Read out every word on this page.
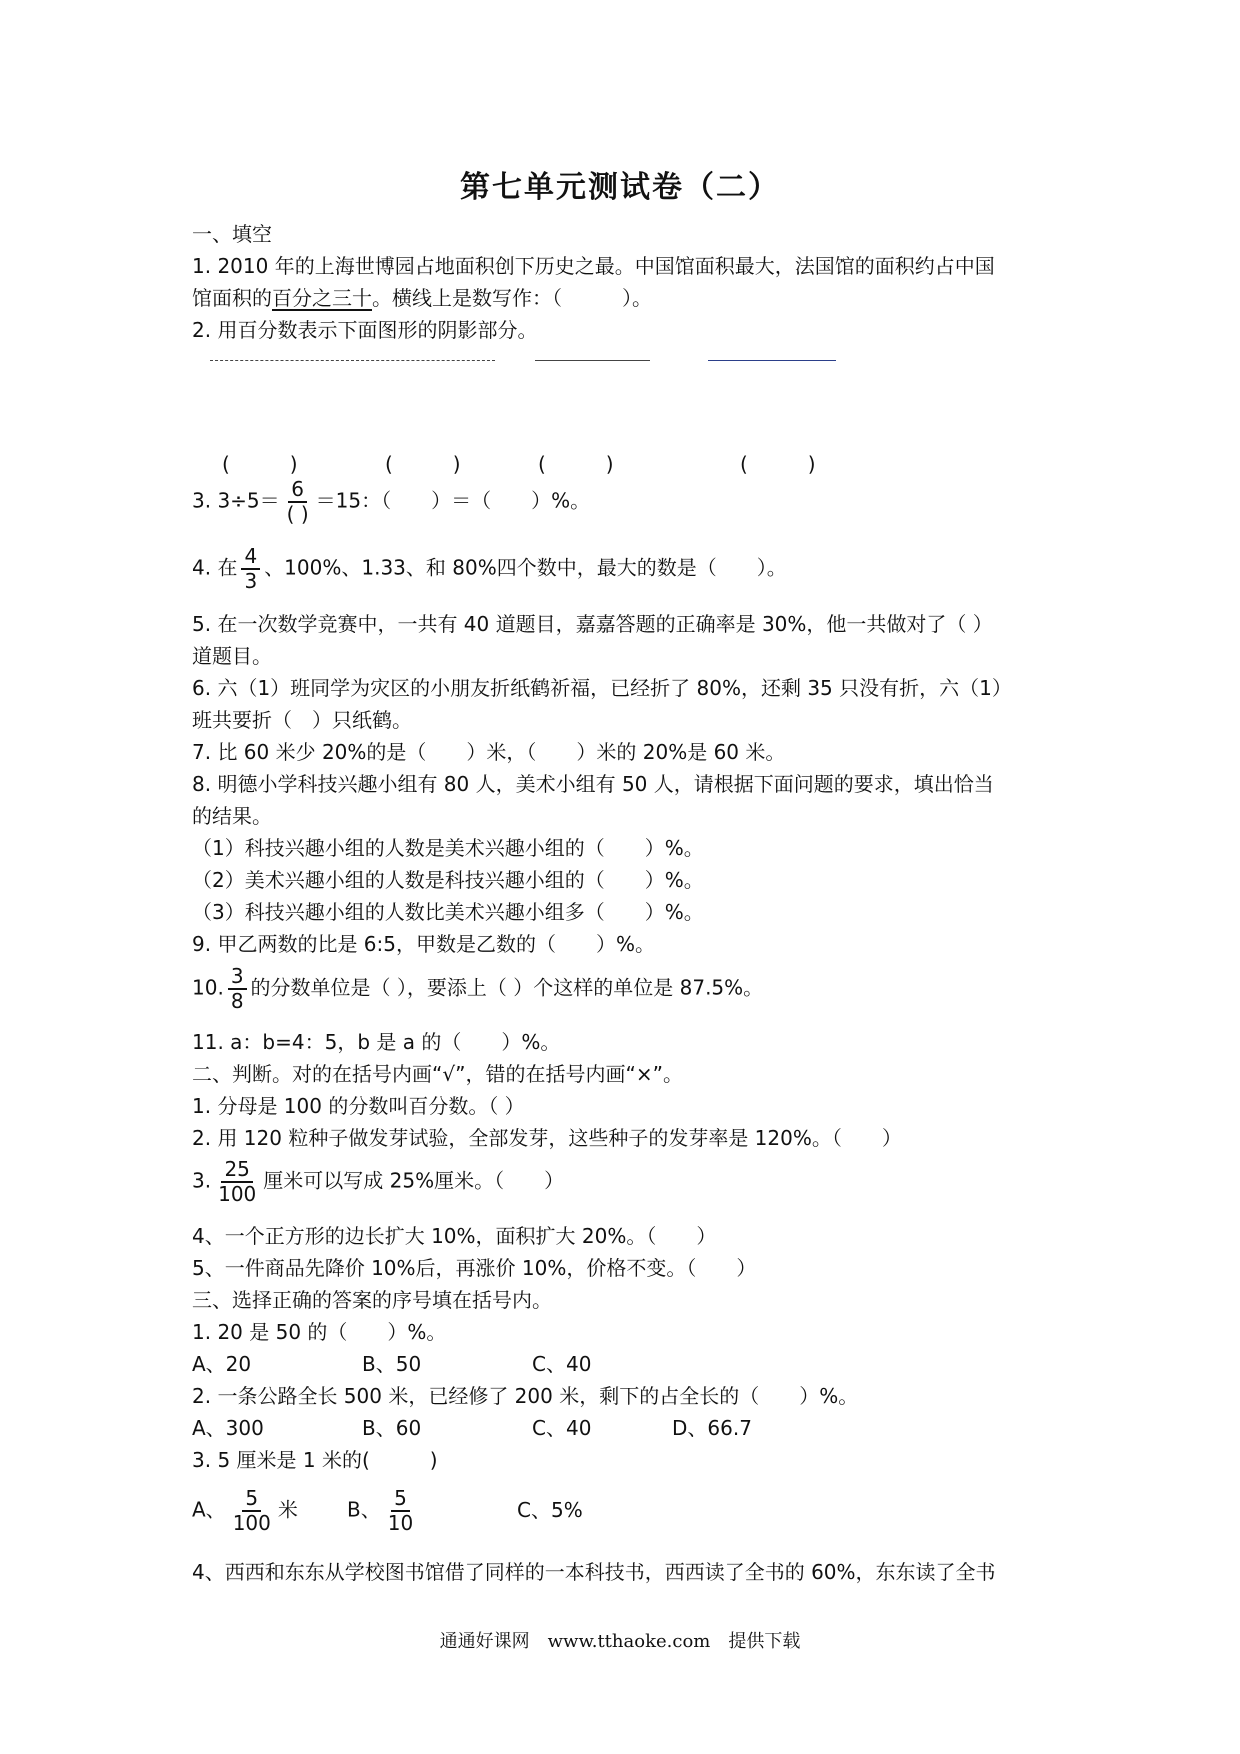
第七单元测试卷（二）
一、填空
1. 2010 年的上海世博园占地面积创下历史之最。中国馆面积最大，法国馆的面积约占中国
馆面积的百分之三十。横线上是数写作：（　　　）。
2. 用百分数表示下面图形的阴影部分。
(　　　)	(　　　)	(　　　)	(　　　)
3. $3\div 5= \frac{6}{( )} =15$：（　　）＝（　　）%。
4. 在 $\frac{4}{3}$ 、100%、1.33、和 80%四个数中，最大的数是（　　）。
5. 在一次数学竞赛中，一共有 40 道题目，嘉嘉答题的正确率是 30%，他一共做对了（ ）
道题目。
6. 六（1）班同学为灾区的小朋友折纸鹤祈福，已经折了 80%，还剩 35 只没有折，六（1）
班共要折（　）只纸鹤。
7. 比 60 米少 20%的是（　　）米，（　　）米的 20%是 60 米。
8. 明德小学科技兴趣小组有 80 人，美术小组有 50 人，请根据下面问题的要求，填出恰当
的结果。
（1）科技兴趣小组的人数是美术兴趣小组的（　　）%。
（2）美术兴趣小组的人数是科技兴趣小组的（　　）%。
（3）科技兴趣小组的人数比美术兴趣小组多（　　）%。
9. 甲乙两数的比是 6:5，甲数是乙数的（　　）%。
10. $\frac{3}{8}$ 的分数单位是（ ），要添上（ ）个这样的单位是 87.5%。
11. a：b=4：5，b 是 a 的（　　）%。
二、判断。对的在括号内画“√”，错的在括号内画“×”。
1. 分母是 100 的分数叫百分数。（ ）
2. 用 120 粒种子做发芽试验，全部发芽，这些种子的发芽率是 120%。（　　）
3. $\frac{25}{100}$ 厘米可以写成 25%厘米。（　　）
4、一个正方形的边长扩大 10%，面积扩大 20%。（　　）
5、一件商品先降价 10%后，再涨价 10%，价格不变。（　　）
三、选择正确的答案的序号填在括号内。
1. 20 是 50 的（　　）%。
A、20	B、50	C、40
2. 一条公路全长 500 米，已经修了 200 米，剩下的占全长的（　　）%。
A、300	B、60	C、40	D、66.7
3. 5 厘米是 1 米的(　　　)
A、 $\frac{5}{100}$ 米 B、 $\frac{5}{10}$	C、5%
4、西西和东东从学校图书馆借了同样的一本科技书，西西读了全书的 60%，东东读了全书
通通好课网　www.tthaoke.com　提供下载
